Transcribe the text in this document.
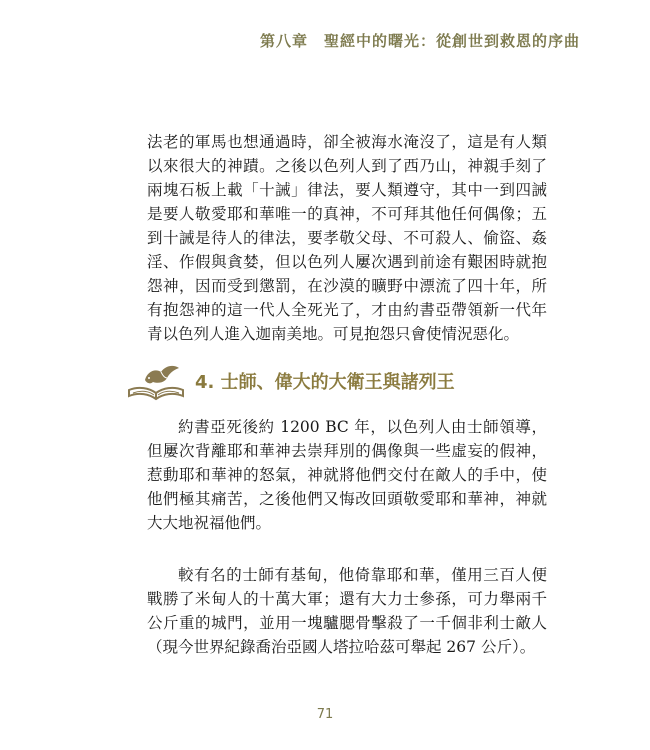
第八章　聖經中的曙光：從創世到救恩的序曲

法老的軍馬也想通過時，卻全被海水淹沒了，這是有人類以來很大的神蹟。之後以色列人到了西乃山，神親手刻了兩塊石板上載「十誡」律法，要人類遵守，其中一到四誡是要人敬愛耶和華唯一的真神，不可拜其他任何偶像；五到十誡是待人的律法，要孝敬父母、不可殺人、偷盜、姦淫、作假與貪婪，但以色列人屢次遇到前途有艱困時就抱怨神，因而受到懲罰，在沙漠的曠野中漂流了四十年，所有抱怨神的這一代人全死光了，才由約書亞帶領新一代年青以色列人進入迦南美地。可見抱怨只會使情況惡化。

4. 士師、偉大的大衛王與諸列王

約書亞死後約 1200 BC 年，以色列人由士師領導，但屢次背離耶和華神去崇拜別的偶像與一些虛妄的假神，惹動耶和華神的怒氣，神就將他們交付在敵人的手中，使他們極其痛苦，之後他們又悔改回頭敬愛耶和華神，神就大大地祝福他們。

較有名的士師有基甸，他倚靠耶和華，僅用三百人便戰勝了米甸人的十萬大軍；還有大力士參孫，可力舉兩千公斤重的城門，並用一塊驢腮骨擊殺了一千個非利士敵人（現今世界紀錄喬治亞國人塔拉哈茲可舉起 267 公斤）。

71
